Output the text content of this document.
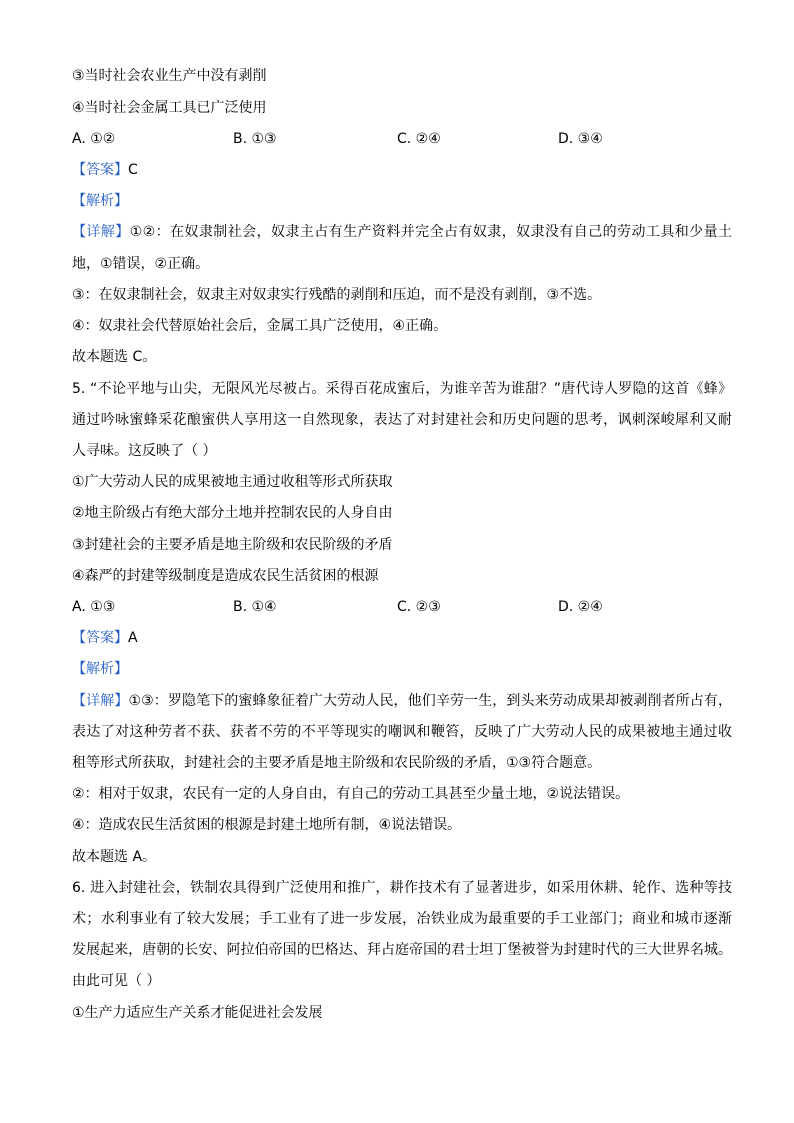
③当时社会农业生产中没有剥削
④当时社会金属工具已广泛使用
A. ①②	B. ①③	C. ②④	D. ③④
【答案】C
【解析】
【详解】①②：在奴隶制社会，奴隶主占有生产资料并完全占有奴隶，奴隶没有自己的劳动工具和少量土
地，①错误，②正确。
③：在奴隶制社会，奴隶主对奴隶实行残酷的剥削和压迫，而不是没有剥削，③不选。
④：奴隶社会代替原始社会后，金属工具广泛使用，④正确。
故本题选 C。
5. “不论平地与山尖，无限风光尽被占。采得百花成蜜后，为谁辛苦为谁甜？”唐代诗人罗隐的这首《蜂》
通过吟咏蜜蜂采花酿蜜供人享用这一自然现象，表达了对封建社会和历史问题的思考，讽刺深峻犀利又耐
人寻味。这反映了（ ）
①广大劳动人民的成果被地主通过收租等形式所获取
②地主阶级占有绝大部分土地并控制农民的人身自由
③封建社会的主要矛盾是地主阶级和农民阶级的矛盾
④森严的封建等级制度是造成农民生活贫困的根源
A. ①③	B. ①④	C. ②③	D. ②④
【答案】A
【解析】
【详解】①③：罗隐笔下的蜜蜂象征着广大劳动人民，他们辛劳一生，到头来劳动成果却被剥削者所占有，
表达了对这种劳者不获、获者不劳的不平等现实的嘲讽和鞭笞，反映了广大劳动人民的成果被地主通过收
租等形式所获取，封建社会的主要矛盾是地主阶级和农民阶级的矛盾，①③符合题意。
②：相对于奴隶，农民有一定的人身自由，有自己的劳动工具甚至少量土地，②说法错误。
④：造成农民生活贫困的根源是封建土地所有制，④说法错误。
故本题选 A。
6. 进入封建社会，铁制农具得到广泛使用和推广，耕作技术有了显著进步，如采用休耕、轮作、选种等技
术；水利事业有了较大发展；手工业有了进一步发展，冶铁业成为最重要的手工业部门；商业和城市逐渐
发展起来，唐朝的长安、阿拉伯帝国的巴格达、拜占庭帝国的君士坦丁堡被誉为封建时代的三大世界名城。
由此可见（ ）
①生产力适应生产关系才能促进社会发展
